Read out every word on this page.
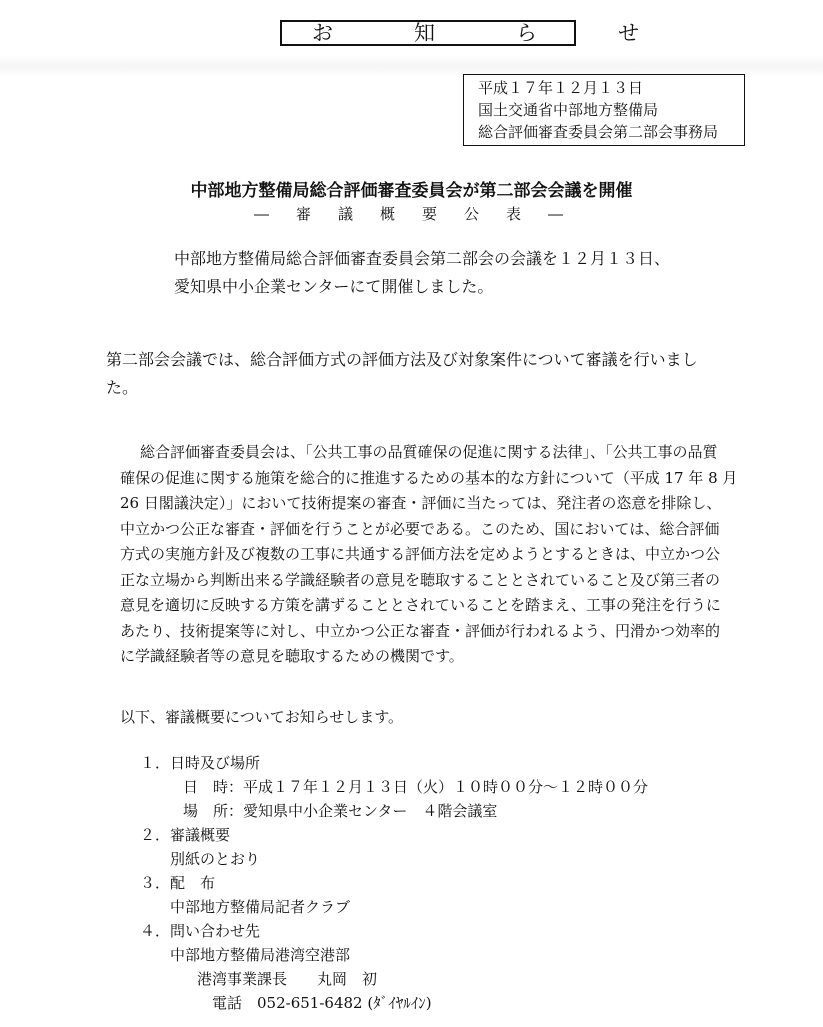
お　知　ら　せ
平成１７年１２月１３日
国土交通省中部地方整備局
総合評価審査委員会第二部会事務局
中部地方整備局総合評価審査委員会が第二部会会議を開催
―　審　議　概　要　公　表　―
中部地方整備局総合評価審査委員会第二部会の会議を１２月１３日、
愛知県中小企業センターにて開催しました。
第二部会会議では、総合評価方式の評価方法及び対象案件について審議を行いまし
た。
総合評価審査委員会は、「公共工事の品質確保の促進に関する法律」、「公共工事の品質
確保の促進に関する施策を総合的に推進するための基本的な方針について（平成 17 年 8 月
26 日閣議決定）」において技術提案の審査・評価に当たっては、発注者の恣意を排除し、
中立かつ公正な審査・評価を行うことが必要である。このため、国においては、総合評価
方式の実施方針及び複数の工事に共通する評価方法を定めようとするときは、中立かつ公
正な立場から判断出来る学識経験者の意見を聴取することとされていること及び第三者の
意見を適切に反映する方策を講ずることとされていることを踏まえ、工事の発注を行うに
あたり、技術提案等に対し、中立かつ公正な審査・評価が行われるよう、円滑かつ効率的
に学識経験者等の意見を聴取するための機関です。
以下、審議概要についてお知らせします。
１．日時及び場所
日　時：平成１７年１２月１３日（火）１０時００分～１２時００分
場　所：愛知県中小企業センター　４階会議室
２．審議概要
別紙のとおり
３．配　布
中部地方整備局記者クラブ
４．問い合わせ先
中部地方整備局港湾空港部
港湾事業課長　　丸岡　初
電話　052-651-6482 (ﾀﾞｲﾔﾙｲﾝ)
